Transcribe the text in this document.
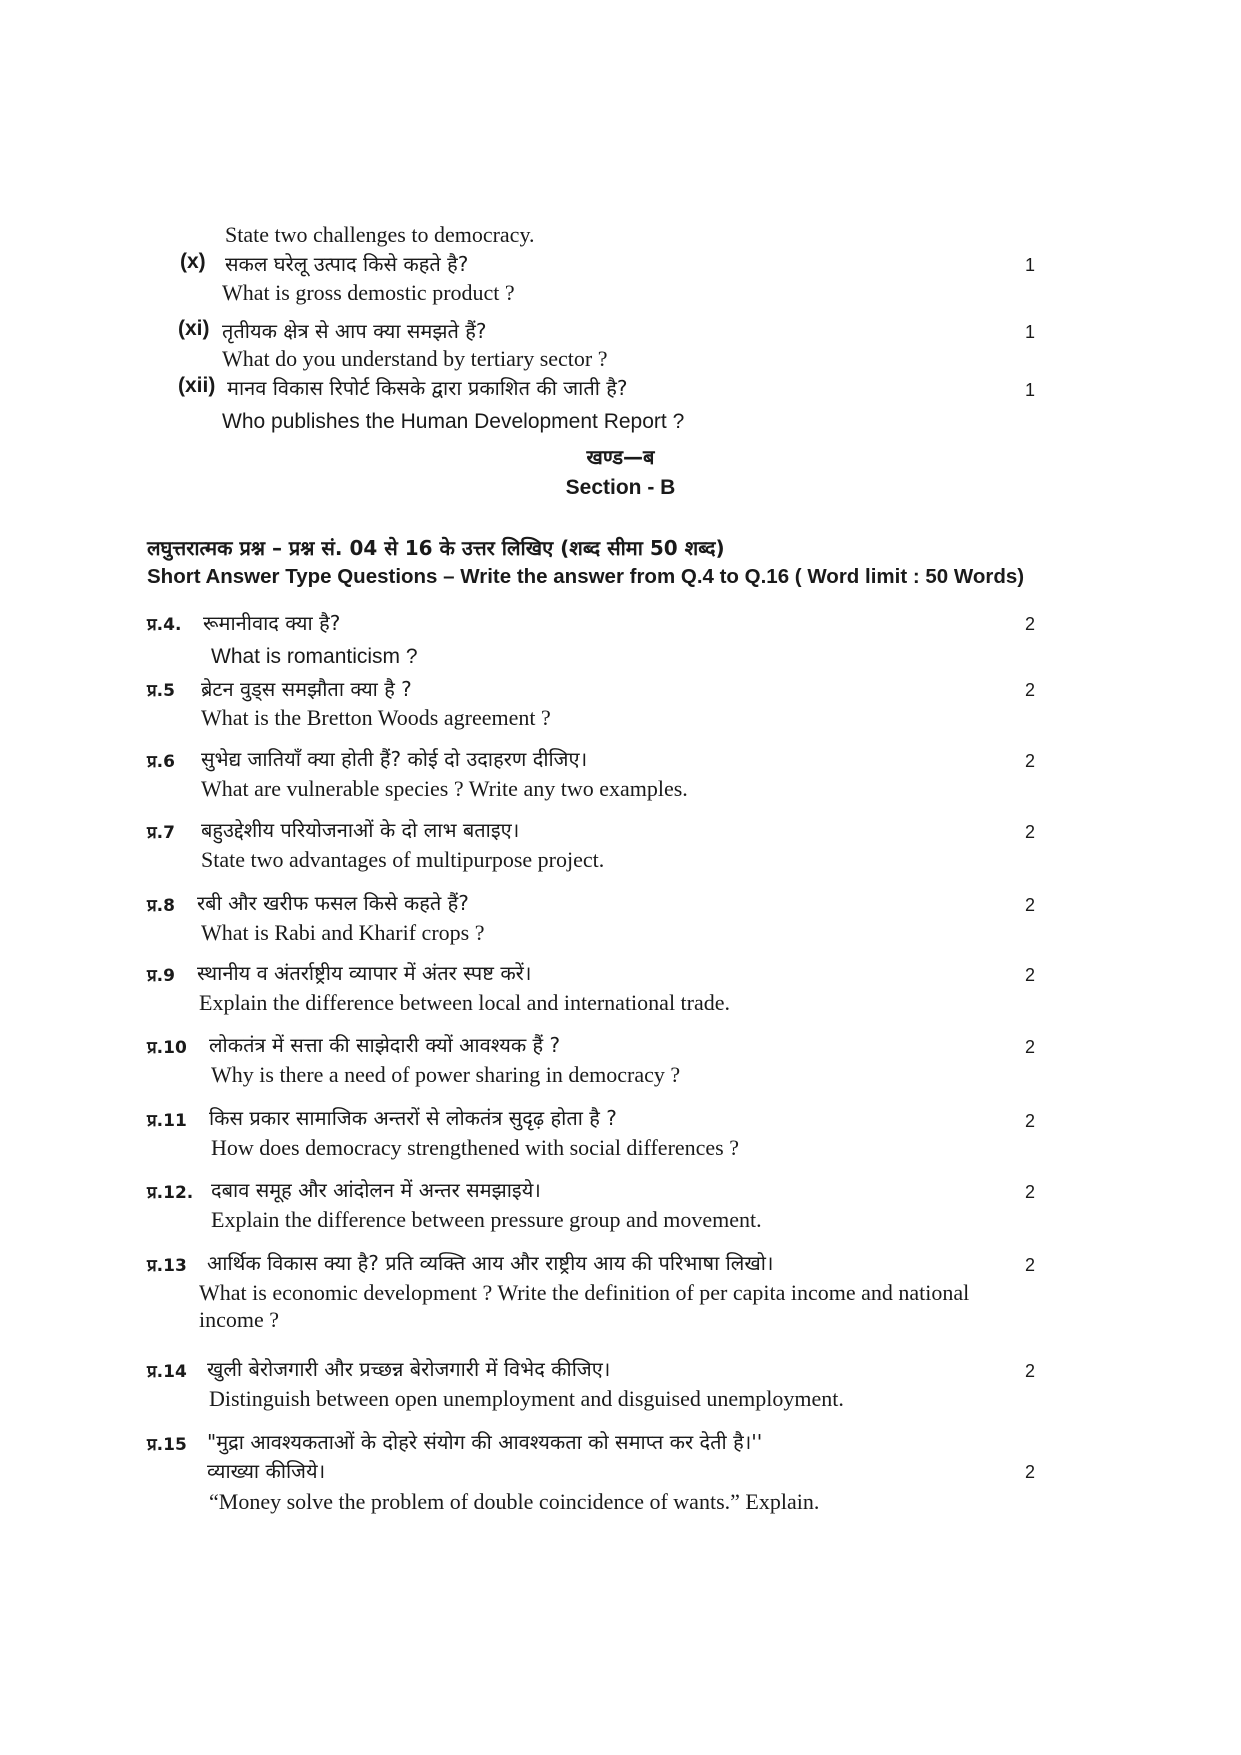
State two challenges to democracy.
(x) सकल घरेलू उत्पाद किसे कहते है?	1
What is gross demostic product ?
(xi) तृतीयक क्षेत्र से आप क्या समझते हैं?	1
What do you understand by tertiary sector ?
(xii) मानव विकास रिपोर्ट किसके द्वारा प्रकाशित की जाती है?	1
Who publishes the Human Development Report ?
खण्ड—ब
Section - B
लघुत्तरात्मक प्रश्न – प्रश्न सं. 04 से 16 के उत्तर लिखिए (शब्द सीमा 50 शब्द)
Short Answer Type Questions – Write the answer from Q.4 to Q.16 ( Word limit : 50 Words)
प्र.4. रूमानीवाद क्या है?	2
What is romanticism ?
प्र.5 ब्रेटन वुड्स समझौता क्या है ?	2
What is the Bretton Woods agreement ?
प्र.6 सुभेद्य जातियाँ क्या होती हैं? कोई दो उदाहरण दीजिए।	2
What are vulnerable species ? Write any two examples.
प्र.7 बहुउद्देशीय परियोजनाओं के दो लाभ बताइए।	2
State two advantages of multipurpose project.
प्र.8 रबी और खरीफ फसल किसे कहते हैं?	2
What is Rabi and Kharif crops ?
प्र.9 स्थानीय व अंतर्राष्ट्रीय व्यापार में अंतर स्पष्ट करें।	2
Explain the difference between local and international trade.
प्र.10 लोकतंत्र में सत्ता की साझेदारी क्यों आवश्यक हैं ?	2
Why is there a need of power sharing in democracy ?
प्र.11 किस प्रकार सामाजिक अन्तरों से लोकतंत्र सुदृढ़ होता है ?	2
How does democracy strengthened with social differences ?
प्र.12. दबाव समूह और आंदोलन में अन्तर समझाइये।	2
Explain the difference between pressure group and movement.
प्र.13 आर्थिक विकास क्या है? प्रति व्यक्ति आय और राष्ट्रीय आय की परिभाषा लिखो।	2
What is economic development ? Write the definition of per capita income and national
income ?
प्र.14 खुली बेरोजगारी और प्रच्छन्न बेरोजगारी में विभेद कीजिए।	2
Distinguish between open unemployment and disguised unemployment.
प्र.15 "मुद्रा आवश्यकताओं के दोहरे संयोग की आवश्यकता को समाप्त कर देती है।''
व्याख्या कीजिये।	2
“Money solve the problem of double coincidence of wants.” Explain.
